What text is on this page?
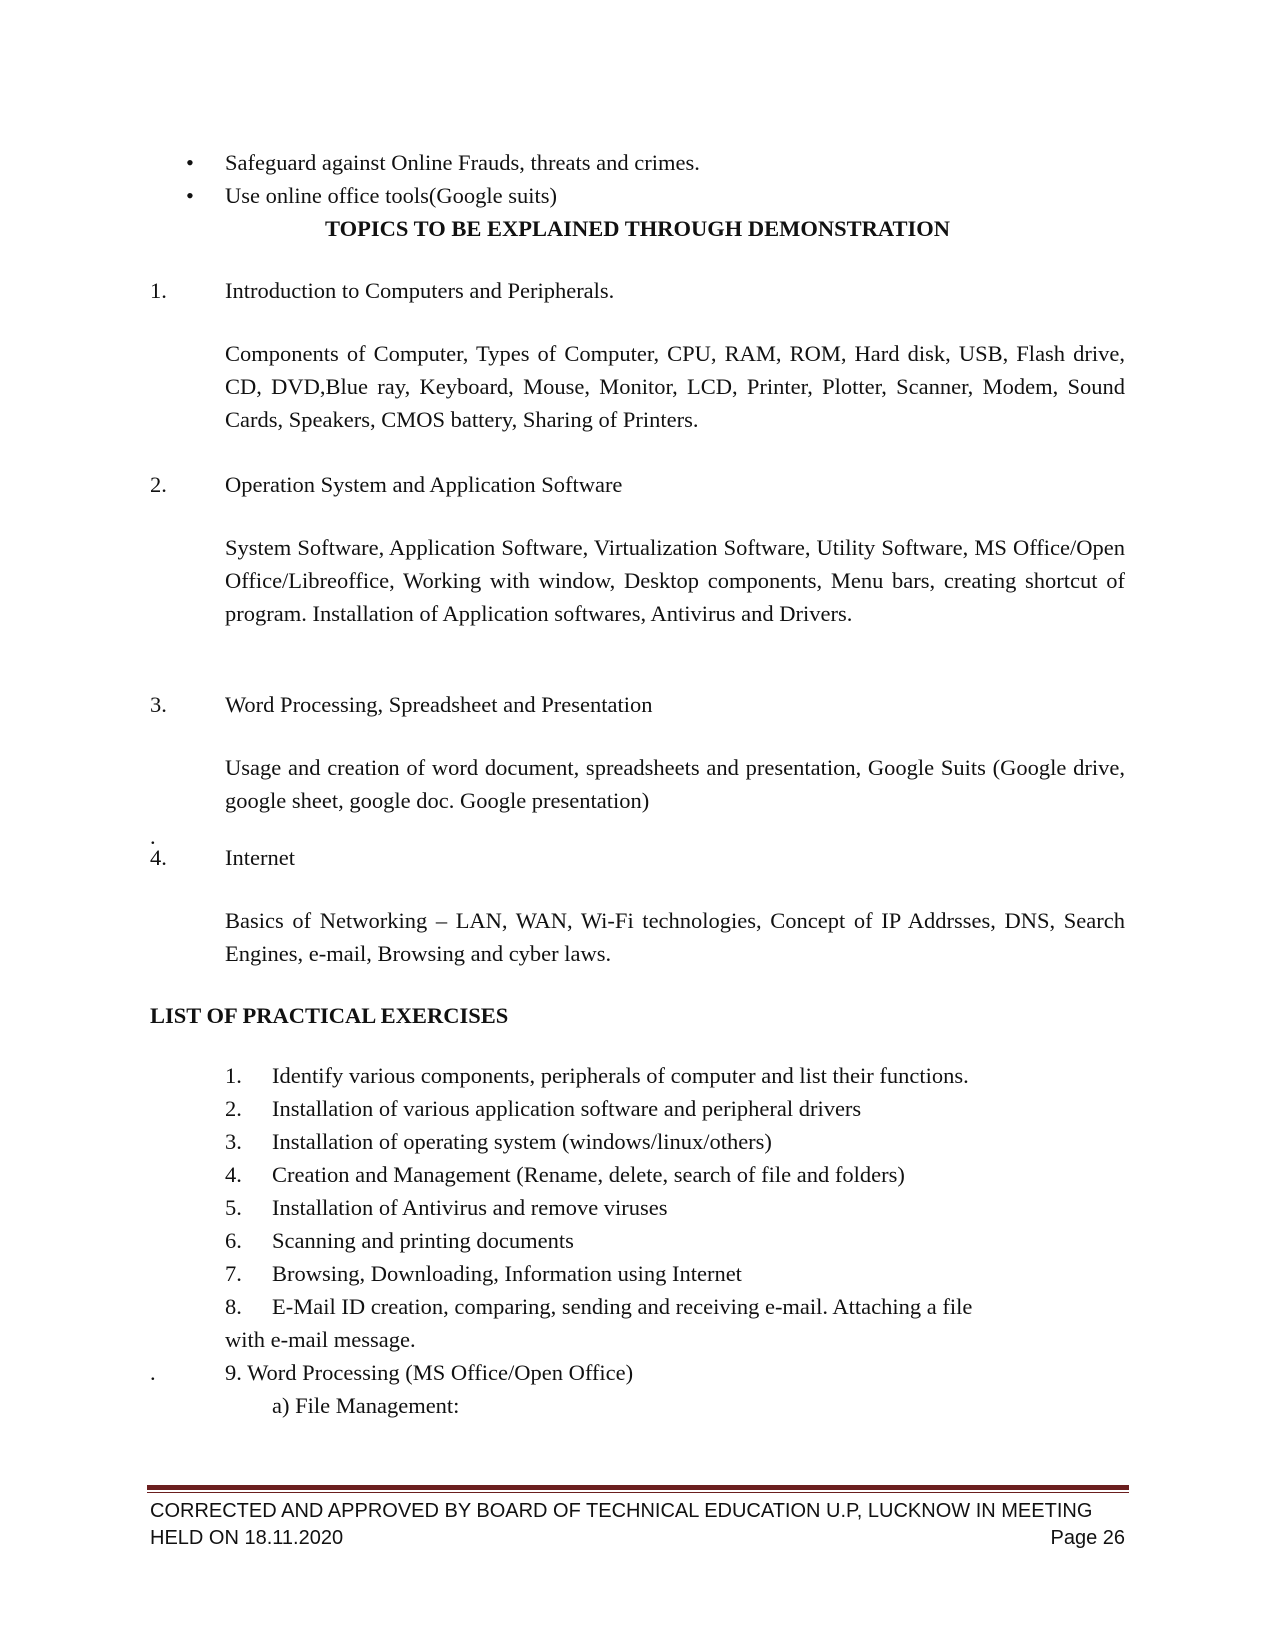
• Safeguard against Online Frauds, threats and crimes.
• Use online office tools(Google suits)
TOPICS TO BE EXPLAINED THROUGH DEMONSTRATION
1.	Introduction to Computers and Peripherals.
Components of Computer, Types of Computer, CPU, RAM, ROM, Hard disk, USB, Flash drive, CD, DVD,Blue ray, Keyboard, Mouse, Monitor, LCD, Printer, Plotter, Scanner, Modem, Sound Cards, Speakers, CMOS battery, Sharing of Printers.
2.	Operation System and Application Software
System Software, Application Software, Virtualization Software, Utility Software, MS Office/Open Office/Libreoffice, Working with window, Desktop components, Menu bars, creating shortcut of program. Installation of Application softwares, Antivirus and Drivers.
3.	Word Processing, Spreadsheet and Presentation
Usage and creation of word document, spreadsheets and presentation, Google Suits (Google drive, google sheet, google doc. Google presentation)
.
4.	Internet
Basics of Networking – LAN, WAN, Wi-Fi technologies, Concept of IP Addrsses, DNS, Search Engines, e-mail, Browsing and cyber laws.
LIST OF PRACTICAL EXERCISES
1. Identify various components, peripherals of computer and list their functions.
2. Installation of various application software and peripheral drivers
3. Installation of operating system (windows/linux/others)
4. Creation and Management (Rename, delete, search of file and folders)
5. Installation of Antivirus and remove viruses
6. Scanning and printing documents
7. Browsing, Downloading, Information using Internet
8. E-Mail ID creation, comparing, sending and receiving e-mail. Attaching a file
with e-mail message.
.	9. Word Processing (MS Office/Open Office)
a) File Management:
CORRECTED AND APPROVED BY BOARD OF TECHNICAL EDUCATION U.P, LUCKNOW IN MEETING
HELD ON 18.11.2020	Page 26
